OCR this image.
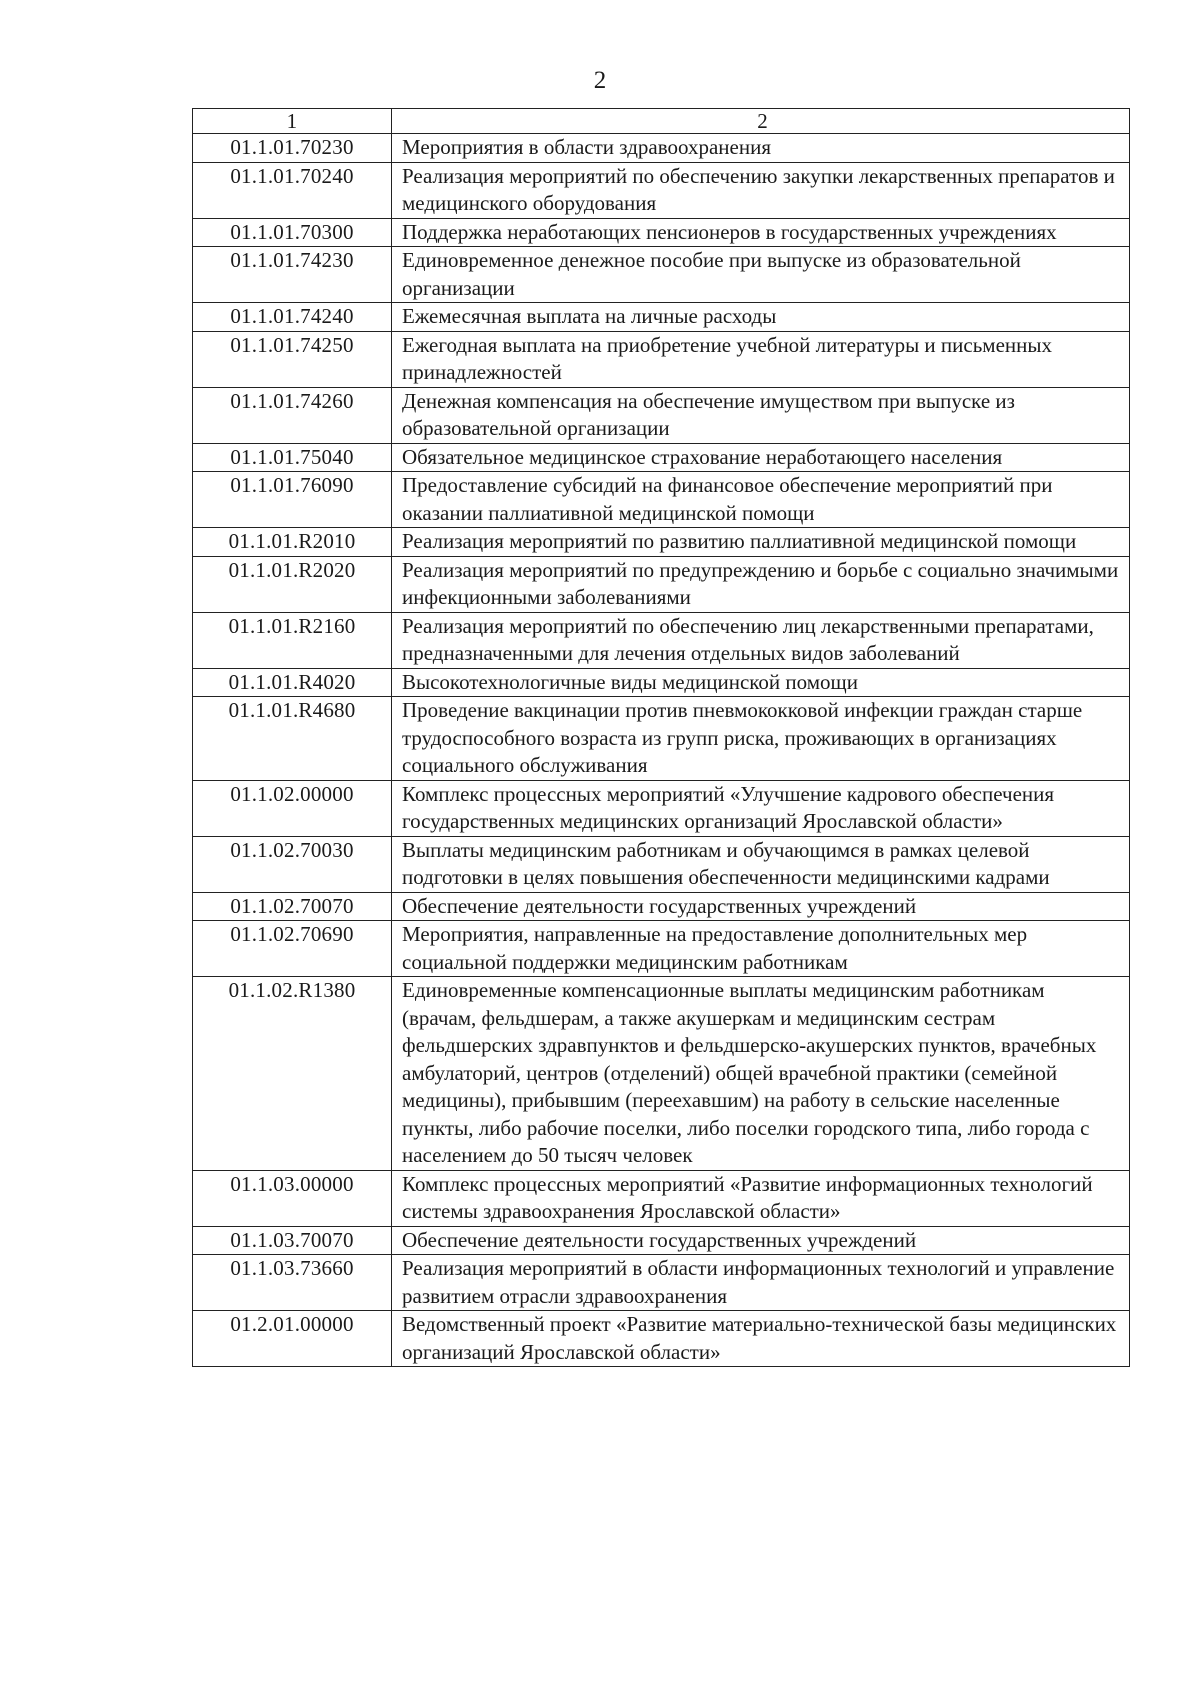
2
1	2
01.1.01.70230	Мероприятия в области здравоохранения
01.1.01.70240	Реализация мероприятий по обеспечению закупки лекарственных препаратов и медицинского оборудования
01.1.01.70300	Поддержка неработающих пенсионеров в государственных учреждениях
01.1.01.74230	Единовременное денежное пособие при выпуске из образовательной организации
01.1.01.74240	Ежемесячная выплата на личные расходы
01.1.01.74250	Ежегодная выплата на приобретение учебной литературы и письменных принадлежностей
01.1.01.74260	Денежная компенсация на обеспечение имуществом при выпуске из образовательной организации
01.1.01.75040	Обязательное медицинское страхование неработающего населения
01.1.01.76090	Предоставление субсидий на финансовое обеспечение мероприятий при оказании паллиативной медицинской помощи
01.1.01.R2010	Реализация мероприятий по развитию паллиативной медицинской помощи
01.1.01.R2020	Реализация мероприятий по предупреждению и борьбе с социально значимыми инфекционными заболеваниями
01.1.01.R2160	Реализация мероприятий по обеспечению лиц лекарственными препаратами, предназначенными для лечения отдельных видов заболеваний
01.1.01.R4020	Высокотехнологичные виды медицинской помощи
01.1.01.R4680	Проведение вакцинации против пневмококковой инфекции граждан старше трудоспособного возраста из групп риска, проживающих в организациях социального обслуживания
01.1.02.00000	Комплекс процессных мероприятий «Улучшение кадрового обеспечения государственных медицинских организаций Ярославской области»
01.1.02.70030	Выплаты медицинским работникам и обучающимся в рамках целевой подготовки в целях повышения обеспеченности медицинскими кадрами
01.1.02.70070	Обеспечение деятельности государственных учреждений
01.1.02.70690	Мероприятия, направленные на предоставление дополнительных мер социальной поддержки медицинским работникам
01.1.02.R1380	Единовременные компенсационные выплаты медицинским работникам (врачам, фельдшерам, а также акушеркам и медицинским сестрам фельдшерских здравпунктов и фельдшерско-акушерских пунктов, врачебных амбулаторий, центров (отделений) общей врачебной практики (семейной медицины), прибывшим (переехавшим) на работу в сельские населенные пункты, либо рабочие поселки, либо поселки городского типа, либо города с населением до 50 тысяч человек
01.1.03.00000	Комплекс процессных мероприятий «Развитие информационных технологий системы здравоохранения Ярославской области»
01.1.03.70070	Обеспечение деятельности государственных учреждений
01.1.03.73660	Реализация мероприятий в области информационных технологий и управление развитием отрасли здравоохранения
01.2.01.00000	Ведомственный проект «Развитие материально-технической базы медицинских организаций Ярославской области»
